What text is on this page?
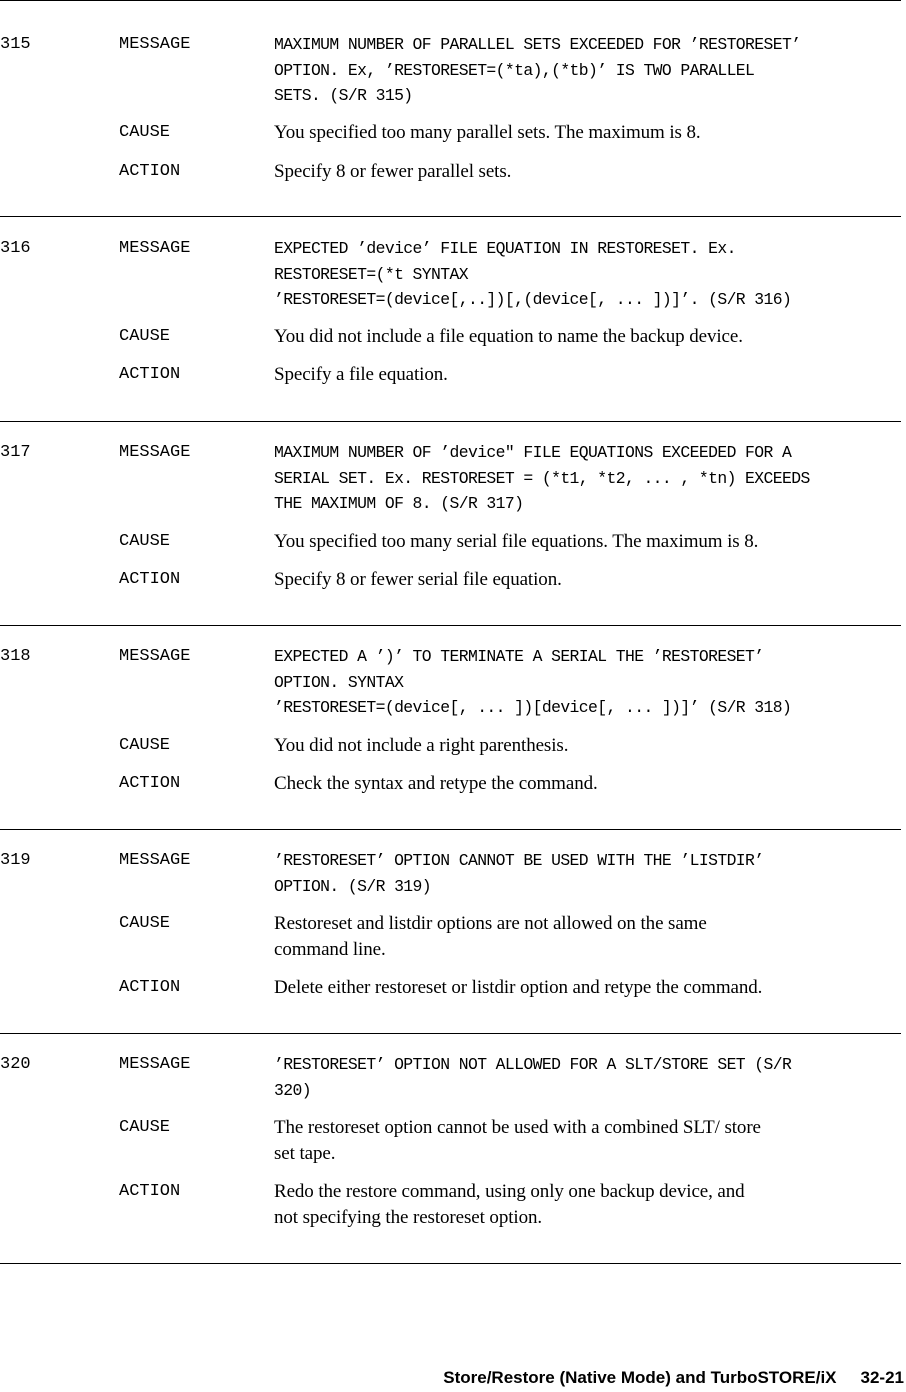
315	MESSAGE	MAXIMUM NUMBER OF PARALLEL SETS EXCEEDED FOR ’RESTORESET’
OPTION. Ex, ’RESTORESET=(*ta),(*tb)’ IS TWO PARALLEL
SETS. (S/R 315)
CAUSE	You specified too many parallel sets. The maximum is 8.
ACTION	Specify 8 or fewer parallel sets.
316	MESSAGE	EXPECTED ’device’ FILE EQUATION IN RESTORESET. Ex.
RESTORESET=(*t SYNTAX
’RESTORESET=(device[,..])[,(device[, ... ])]’. (S/R 316)
CAUSE	You did not include a file equation to name the backup device.
ACTION	Specify a file equation.
317	MESSAGE	MAXIMUM NUMBER OF ’device" FILE EQUATIONS EXCEEDED FOR A
SERIAL SET. Ex. RESTORESET = (*t1, *t2, ... , *tn) EXCEEDS
THE MAXIMUM OF 8. (S/R 317)
CAUSE	You specified too many serial file equations. The maximum is 8.
ACTION	Specify 8 or fewer serial file equation.
318	MESSAGE	EXPECTED A ’)’ TO TERMINATE A SERIAL THE ’RESTORESET’
OPTION. SYNTAX
’RESTORESET=(device[, ... ])[device[, ... ])]’ (S/R 318)
CAUSE	You did not include a right parenthesis.
ACTION	Check the syntax and retype the command.
319	MESSAGE	’RESTORESET’ OPTION CANNOT BE USED WITH THE ’LISTDIR’
OPTION. (S/R 319)
CAUSE	Restoreset and listdir options are not allowed on the same
command line.
ACTION	Delete either restoreset or listdir option and retype the command.
320	MESSAGE	’RESTORESET’ OPTION NOT ALLOWED FOR A SLT/STORE SET (S/R
320)
CAUSE	The restoreset option cannot be used with a combined SLT/ store
set tape.
ACTION	Redo the restore command, using only one backup device, and
not specifying the restoreset option.
Store/Restore (Native Mode) and TurboSTORE/iX 32-21
